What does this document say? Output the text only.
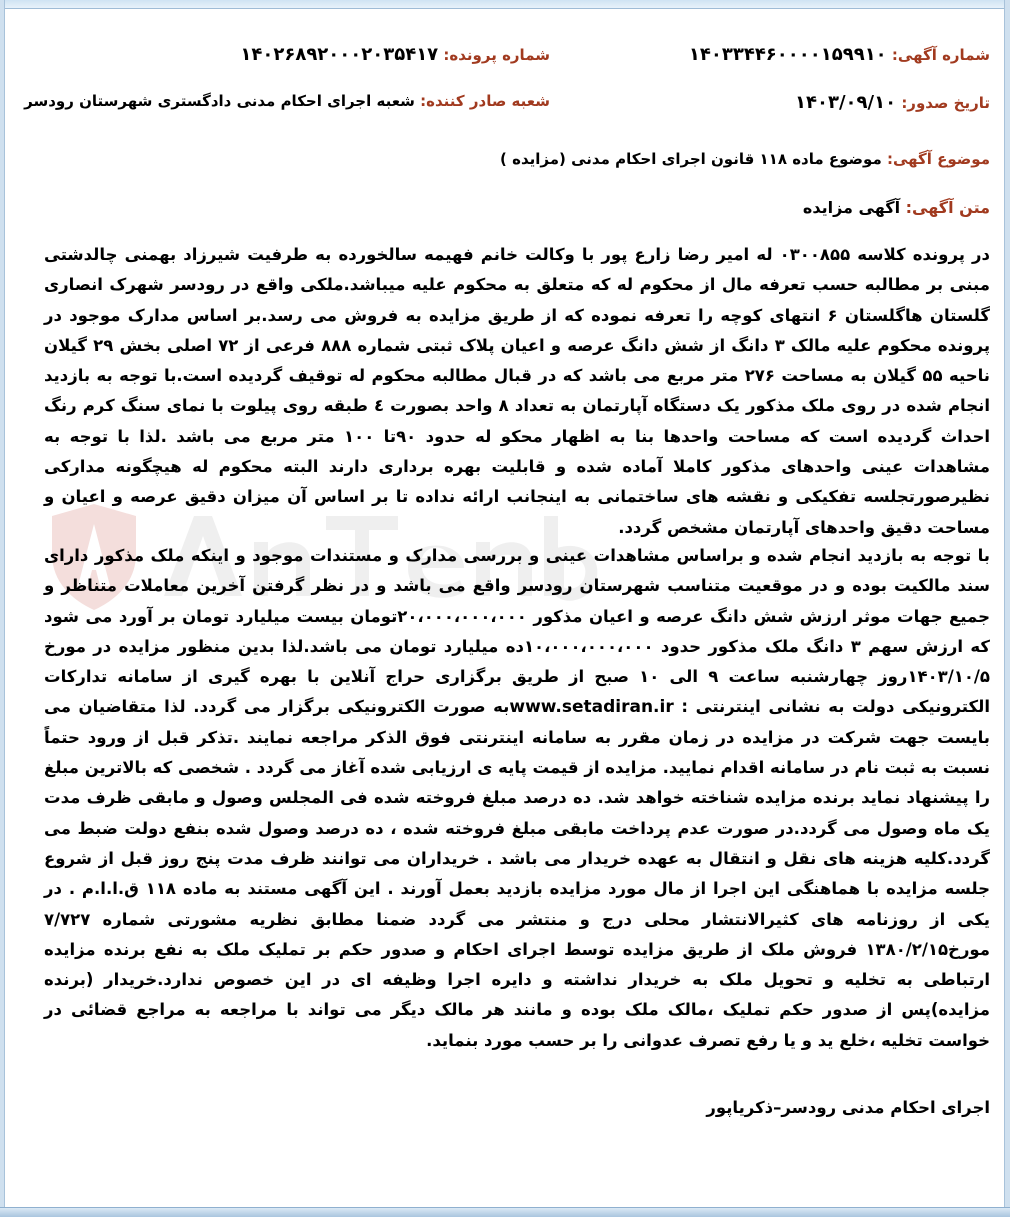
شماره آگهی: ۱۴۰۳۳۴۴۶۰۰۰۰۱۵۹۹۱۰
شماره پرونده: ۱۴۰۲۶۸۹۲۰۰۰۲۰۳۵۴۱۷
تاریخ صدور: ۱۴۰۳/۰۹/۱۰
شعبه صادر کننده: شعبه اجرای احکام مدنی دادگستری شهرستان رودسر
موضوع آگهی: موضوع ماده ۱۱۸ قانون اجرای احکام مدنی (مزایده )
متن آگهی: آگهی مزایده
در پرونده کلاسه ۰۳۰۰۸۵۵ له امیر رضا زارع پور با وکالت خانم فهیمه سالخورده به طرفیت شیرزاد بهمنی چالدشتی مبنی بر مطالبه حسب تعرفه مال از محکوم له که متعلق به محکوم علیه میباشد.ملکی واقع در رودسر شهرک انصاری گلستان هاگلستان ۶ انتهای کوچه را تعرفه نموده که از طریق مزایده به فروش می رسد.بر اساس مدارک موجود در پرونده محکوم علیه مالک ۳ دانگ از شش دانگ عرصه و اعیان پلاک ثبتی شماره ۸۸۸ فرعی از ۷۲ اصلی بخش ۲۹ گیلان ناحیه ۵۵ گیلان به مساحت ۲۷۶ متر مربع می باشد که در قبال مطالبه محکوم له توقیف گردیده است.با توجه به بازدید انجام شده در روی ملک مذکور یک دستگاه آپارتمان به تعداد ۸ واحد بصورت ٤ طبقه روی پیلوت با نمای سنگ کرم رنگ احداث گردیده است که مساحت واحدها بنا به اظهار محکو له حدود ۹۰تا ۱۰۰ متر مربع می باشد .لذا با توجه به مشاهدات عینی واحدهای مذکور کاملا آماده شده و قابلیت بهره برداری دارند البته محکوم له هیچگونه مدارکی نظیرصورتجلسه تفکیکی و نقشه های ساختمانی به اینجانب ارائه نداده تا بر اساس آن میزان دقیق عرصه و اعیان و مساحت دقیق واحدهای آپارتمان مشخص گردد.
با توجه به بازدید انجام شده و براساس مشاهدات عینی و بررسی مدارک و مستندات موجود و اینکه ملک مذکور دارای سند مالکیت بوده و در موقعیت متناسب شهرستان رودسر واقع می باشد و در نظر گرفتن آخرین معاملات متناظر و جمیع جهات موثر ارزش شش دانگ عرصه و اعیان مذکور ۲۰،۰۰۰،۰۰۰،۰۰۰تومان بیست میلیارد تومان بر آورد می شود که ارزش سهم ۳ دانگ ملک مذکور حدود ۱۰،۰۰۰،۰۰۰،۰۰۰ده میلیارد تومان می باشد.لذا بدین منظور مزایده در مورخ ۱۴۰۳/۱۰/۵روز چهارشنبه ساعت ۹ الی ۱۰ صبح از طریق برگزاری حراج آنلاین با بهره گیری از سامانه تدارکات الکترونیکی دولت به نشانی اینترنتی : www.setadiran.irبه صورت الکترونیکی برگزار می گردد. لذا متقاضیان می بایست جهت شرکت در مزایده در زمان مقرر به سامانه اینترنتی فوق الذکر مراجعه نمایند .تذکر قبل از ورود حتماً نسبت به ثبت نام در سامانه اقدام نمایید. مزایده از قیمت پایه ی ارزیابی شده آغاز می گردد . شخصی که بالاترین مبلغ را پیشنهاد نماید برنده مزایده شناخته خواهد شد. ده درصد مبلغ فروخته شده فی المجلس وصول و مابقی ظرف مدت یک ماه وصول می گردد.در صورت عدم پرداخت مابقی مبلغ فروخته شده ، ده درصد وصول شده بنفع دولت ضبط می گردد.کلیه هزینه های نقل و انتقال به عهده خریدار می باشد . خریداران می توانند ظرف مدت پنج روز قبل از شروع جلسه مزایده با هماهنگی این اجرا از مال مورد مزایده بازدید بعمل آورند . این آگهی مستند به ماده ۱۱۸ ق.ا.ا.م . در یکی از روزنامه های کثیرالانتشار محلی درج و منتشر می گردد ضمنا مطابق نظریه مشورتی شماره ۷/۷۲۷ مورخ۱۳۸۰/۲/۱۵ فروش ملک از طریق مزایده توسط اجرای احکام و صدور حکم بر تملیک ملک به نفع برنده مزایده ارتباطی به تخلیه و تحویل ملک به خریدار نداشته و دایره اجرا وظیفه ای در این خصوص ندارد.خریدار (برنده مزایده)پس از صدور حکم تملیک ،مالک ملک بوده و مانند هر مالک دیگر می تواند با مراجعه به مراجع قضائی در خواست تخلیه ،خلع ید و یا رفع تصرف عدوانی را بر حسب مورد بنماید.
اجرای احکام مدنی رودسر–ذکریاپور
